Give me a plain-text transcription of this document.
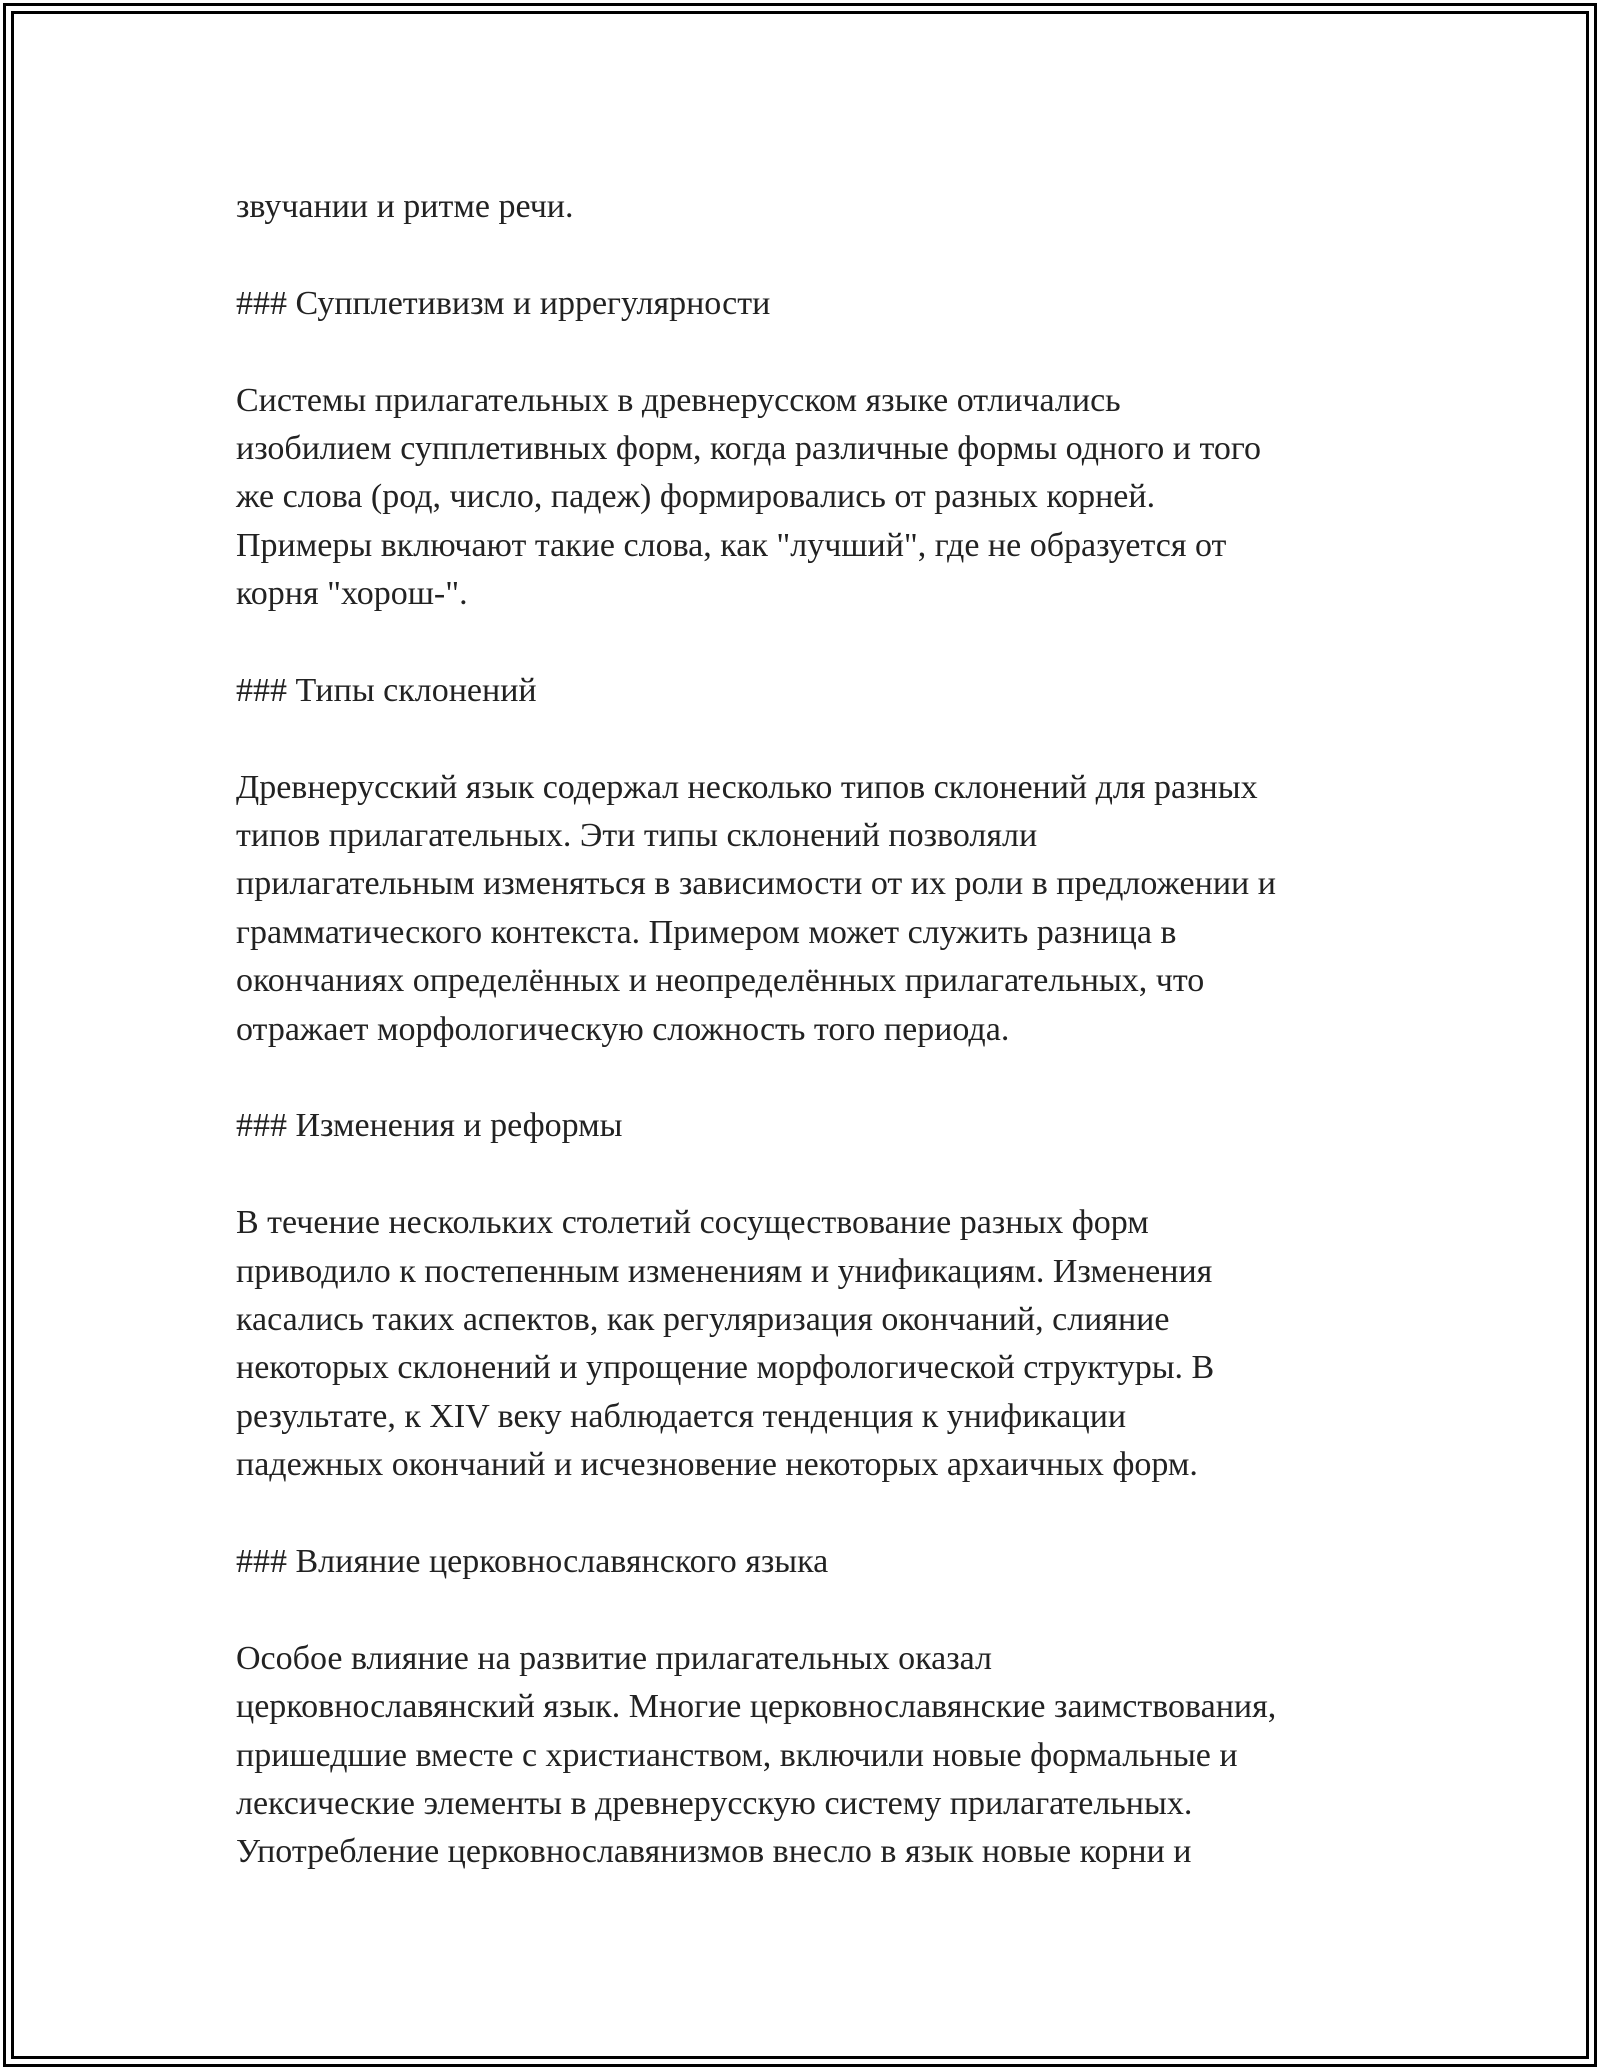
звучании и ритме речи.
### Супплетивизм и иррегулярности
Системы прилагательных в древнерусском языке отличались
изобилием супплетивных форм, когда различные формы одного и того
же слова (род, число, падеж) формировались от разных корней.
Примеры включают такие слова, как "лучший", где не образуется от
корня "хорош-".
### Типы склонений
Древнерусский язык содержал несколько типов склонений для разных
типов прилагательных. Эти типы склонений позволяли
прилагательным изменяться в зависимости от их роли в предложении и
грамматического контекста. Примером может служить разница в
окончаниях определённых и неопределённых прилагательных, что
отражает морфологическую сложность того периода.
### Изменения и реформы
В течение нескольких столетий сосуществование разных форм
приводило к постепенным изменениям и унификациям. Изменения
касались таких аспектов, как регуляризация окончаний, слияние
некоторых склонений и упрощение морфологической структуры. В
результате, к XIV веку наблюдается тенденция к унификации
падежных окончаний и исчезновение некоторых архаичных форм.
### Влияние церковнославянского языка
Особое влияние на развитие прилагательных оказал
церковнославянский язык. Многие церковнославянские заимствования,
пришедшие вместе с христианством, включили новые формальные и
лексические элементы в древнерусскую систему прилагательных.
Употребление церковнославянизмов внесло в язык новые корни и
